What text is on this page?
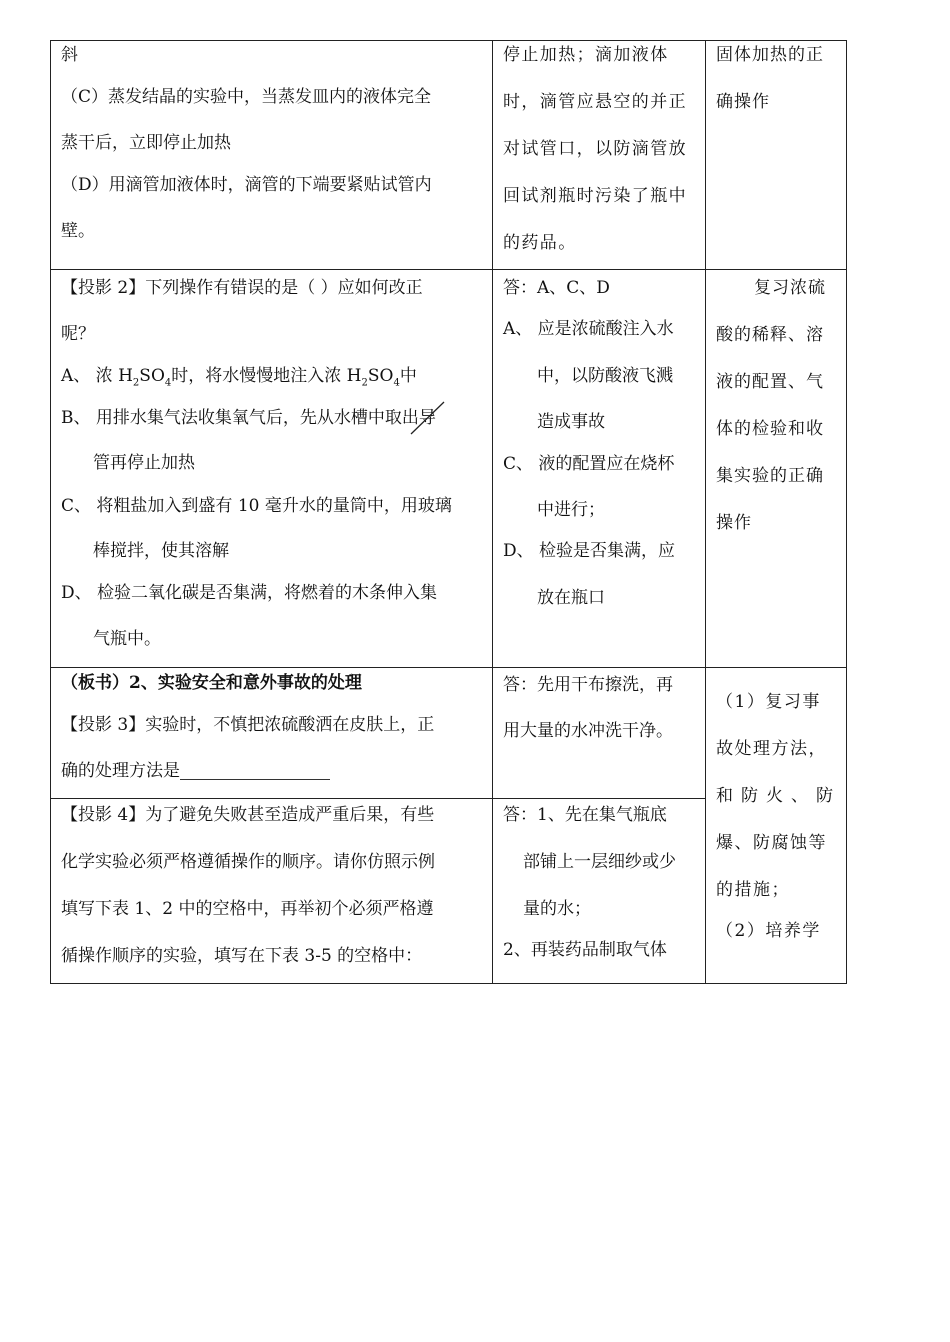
斜
（C）蒸发结晶的实验中，当蒸发皿内的液体完全
蒸干后，立即停止加热
（D）用滴管加液体时，滴管的下端要紧贴试管内
壁。
停止加热；滴加液体
时，滴管应悬空的并正
对试管口，以防滴管放
回试剂瓶时污染了瓶中
的药品。
固体加热的正
确操作
【投影 2】下列操作有错误的是（ ）应如何改正
呢？
A、 浓 $H_2SO_4$时，将水慢慢地注入浓 $H_2SO_4$中
B、 用排水集气法收集氧气后，先从水槽中取出导
管再停止加热
C、 将粗盐加入到盛有 10 毫升水的量筒中，用玻璃
棒搅拌，使其溶解
D、 检验二氧化碳是否集满，将燃着的木条伸入集
气瓶中。
答：A、C、D
A、 应是浓硫酸注入水
中，以防酸液飞溅
造成事故
C、 液的配置应在烧杯
中进行；
D、 检验是否集满，应
放在瓶口
复习浓硫
酸的稀释、溶
液的配置、气
体的检验和收
集实验的正确
操作
（板书）2、实验安全和意外事故的处理
【投影 3】实验时，不慎把浓硫酸洒在皮肤上，正
确的处理方法是
答：先用干布擦洗，再
用大量的水冲洗干净。
【投影 4】为了避免失败甚至造成严重后果，有些
化学实验必须严格遵循操作的顺序。请你仿照示例
填写下表 1、2 中的空格中，再举初个必须严格遵
循操作顺序的实验，填写在下表 3-5 的空格中：
答：1、先在集气瓶底
部铺上一层细纱或少
量的水；
2、再装药品制取气体
（1）复习事
故处理方法，
和防火、防
爆、防腐蚀等
的措施；
（2）培养学
